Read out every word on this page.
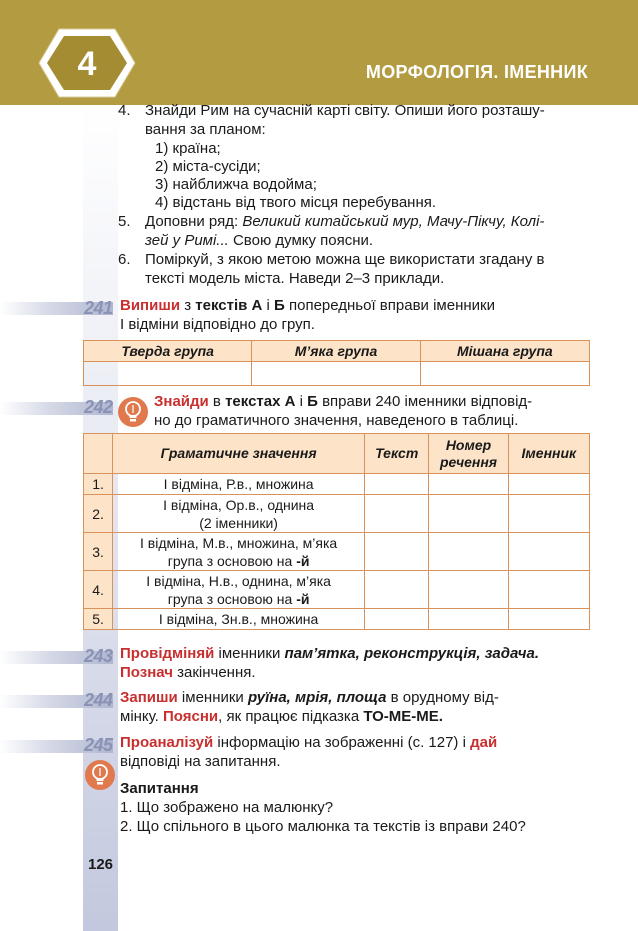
4	МОРФОЛОГІЯ. ІМЕННИК
4. Знайди Рим на сучасній карті світу. Опиши його розташу-
вання за планом:
1) країна;
2) міста-сусіди;
3) найближча водойма;
4) відстань від твого місця перебування.
5. Доповни ряд: Великий китайський мур, Мачу-Пікчу, Колі-
зей у Римі... Свою думку поясни.
6. Поміркуй, з якою метою можна ще використати згадану в
тексті модель міста. Наведи 2–3 приклади.
241 Випиши з текстів А і Б попередньої вправи іменники
І відміни відповідно до груп.
Тверда група	М’яка група	Мішана група

242	Знайди в текстах А і Б вправи 240 іменники відповід-
но до граматичного значення, наведеного в таблиці.
	Граматичне значення	Текст	Номер речення	Іменник
1.	І відміна, Р.в., множина			
2.	І відміна, Ор.в., однина
(2 іменники)			
3.	І відміна, М.в., множина, м’яка
група з основою на -й			
4.	І відміна, Н.в., однина, м’яка
група з основою на -й			
5.	І відміна, Зн.в., множина			
243 Провідміняй іменники пам’ятка, реконструкція, задача.
Познач закінчення.
244 Запиши іменники руїна, мрія, площа в орудному від-
мінку. Поясни, як працює підказка ТО-МЕ-МЕ.
245 Проаналізуй інформацію на зображенні (с. 127) і дай
відповіді на запитання.
Запитання
1. Що зображено на малюнку?
2. Що спільного в цього малюнка та текстів із вправи 240?
126
